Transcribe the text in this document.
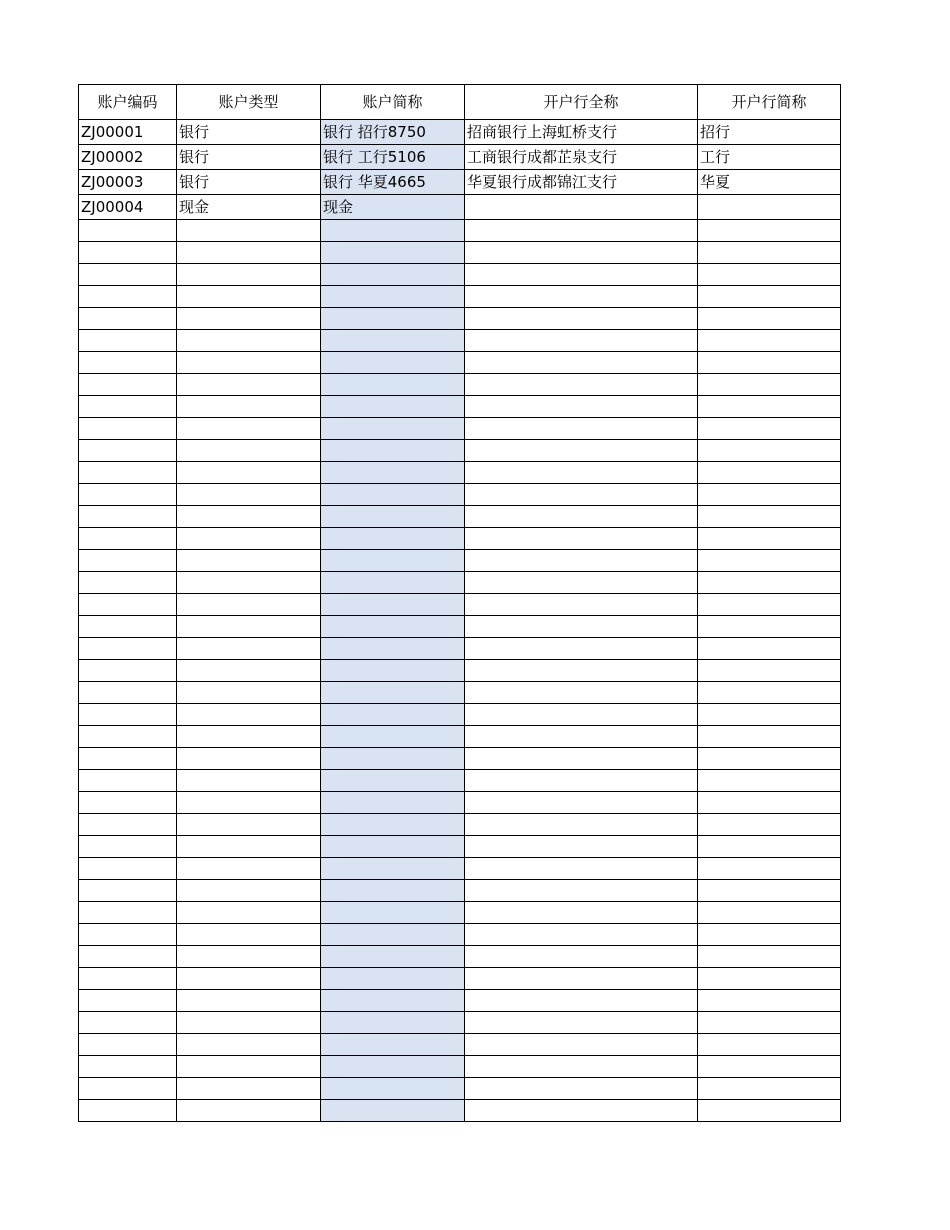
账户编码	账户类型	账户简称	开户行全称	开户行简称
ZJ00001	银行	银行 招行8750	招商银行上海虹桥支行	招行
ZJ00002	银行	银行 工行5106	工商银行成都芷泉支行	工行
ZJ00003	银行	银行 华夏4665	华夏银行成都锦江支行	华夏
ZJ00004	现金	现金		
